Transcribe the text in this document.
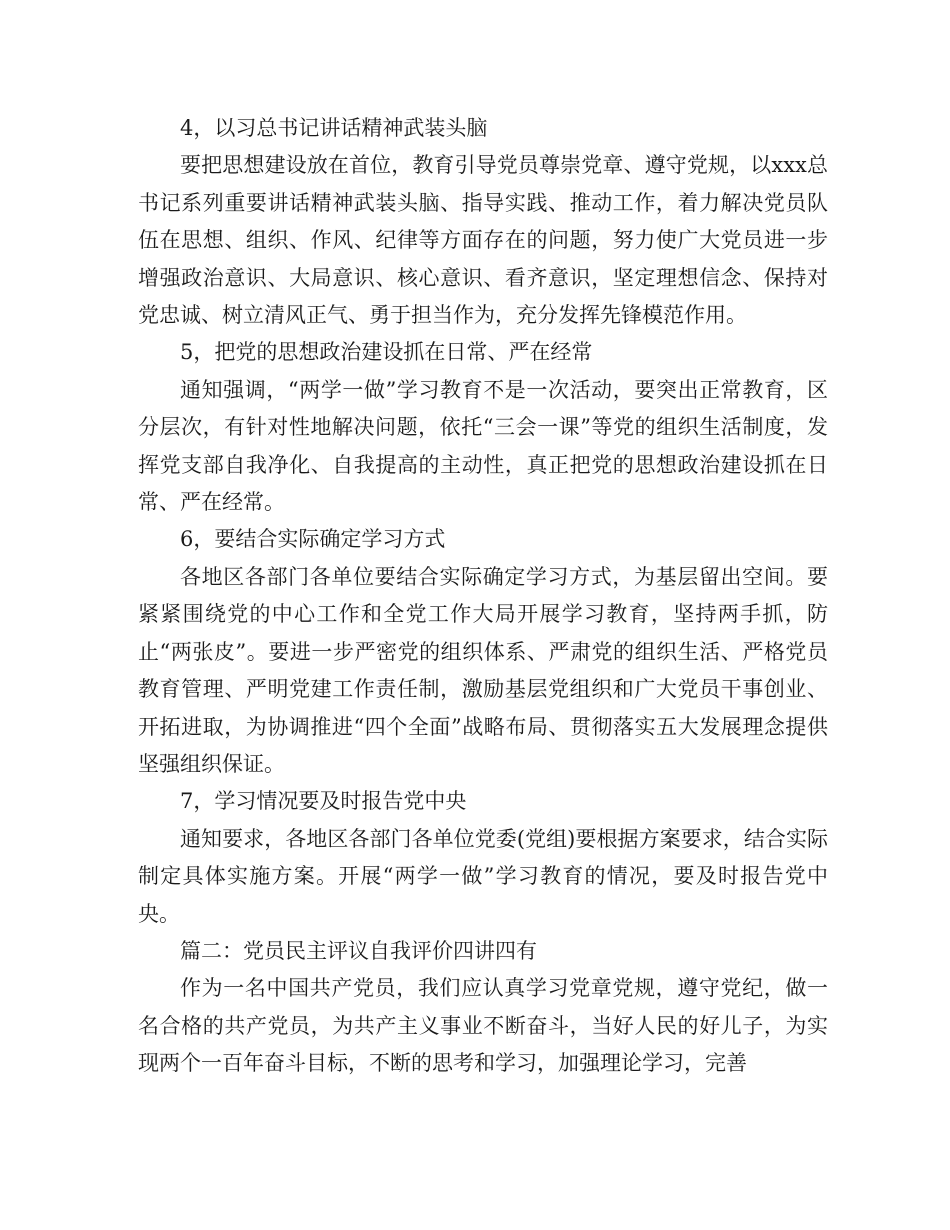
4，以习总书记讲话精神武装头脑

要把思想建设放在首位，教育引导党员尊崇党章、遵守党规，以xxx总书记系列重要讲话精神武装头脑、指导实践、推动工作，着力解决党员队伍在思想、组织、作风、纪律等方面存在的问题，努力使广大党员进一步增强政治意识、大局意识、核心意识、看齐意识，坚定理想信念、保持对党忠诚、树立清风正气、勇于担当作为，充分发挥先锋模范作用。

5，把党的思想政治建设抓在日常、严在经常

通知强调，“两学一做”学习教育不是一次活动，要突出正常教育，区分层次，有针对性地解决问题，依托“三会一课”等党的组织生活制度，发挥党支部自我净化、自我提高的主动性，真正把党的思想政治建设抓在日常、严在经常。

6，要结合实际确定学习方式

各地区各部门各单位要结合实际确定学习方式，为基层留出空间。要紧紧围绕党的中心工作和全党工作大局开展学习教育，坚持两手抓，防止“两张皮”。要进一步严密党的组织体系、严肃党的组织生活、严格党员教育管理、严明党建工作责任制，激励基层党组织和广大党员干事创业、开拓进取，为协调推进“四个全面”战略布局、贯彻落实五大发展理念提供坚强组织保证。

7，学习情况要及时报告党中央

通知要求，各地区各部门各单位党委(党组)要根据方案要求，结合实际制定具体实施方案。开展“两学一做”学习教育的情况，要及时报告党中央。

篇二：党员民主评议自我评价四讲四有

作为一名中国共产党员，我们应认真学习党章党规，遵守党纪，做一名合格的共产党员，为共产主义事业不断奋斗，当好人民的好儿子，为实现两个一百年奋斗目标，不断的思考和学习，加强理论学习，完善
